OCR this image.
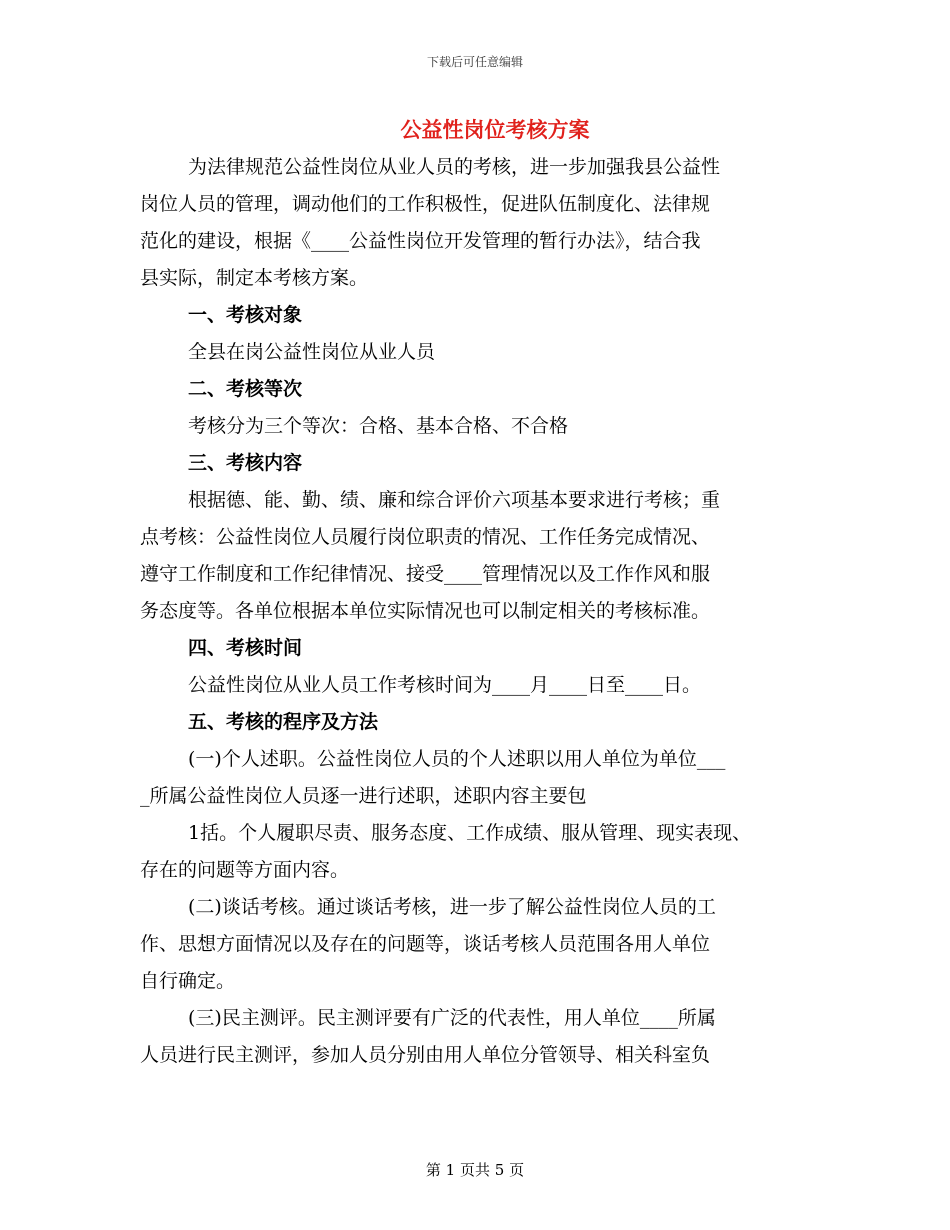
下载后可任意编辑
公益性岗位考核方案
为法律规范公益性岗位从业人员的考核，进一步加强我县公益性
岗位人员的管理，调动他们的工作积极性，促进队伍制度化、法律规
范化的建设，根据《____公益性岗位开发管理的暂行办法》，结合我
县实际，制定本考核方案。
一、考核对象
全县在岗公益性岗位从业人员
二、考核等次
考核分为三个等次：合格、基本合格、不合格
三、考核内容
根据德、能、勤、绩、廉和综合评价六项基本要求进行考核；重
点考核：公益性岗位人员履行岗位职责的情况、工作任务完成情况、
遵守工作制度和工作纪律情况、接受____管理情况以及工作作风和服
务态度等。各单位根据本单位实际情况也可以制定相关的考核标准。
四、考核时间
公益性岗位从业人员工作考核时间为____月____日至____日。
五、考核的程序及方法
(一)个人述职。公益性岗位人员的个人述职以用人单位为单位___
_所属公益性岗位人员逐一进行述职，述职内容主要包
1括。个人履职尽责、服务态度、工作成绩、服从管理、现实表现、
存在的问题等方面内容。
(二)谈话考核。通过谈话考核，进一步了解公益性岗位人员的工
作、思想方面情况以及存在的问题等，谈话考核人员范围各用人单位
自行确定。
(三)民主测评。民主测评要有广泛的代表性，用人单位____所属
人员进行民主测评，参加人员分别由用人单位分管领导、相关科室负
第 1 页共 5 页
